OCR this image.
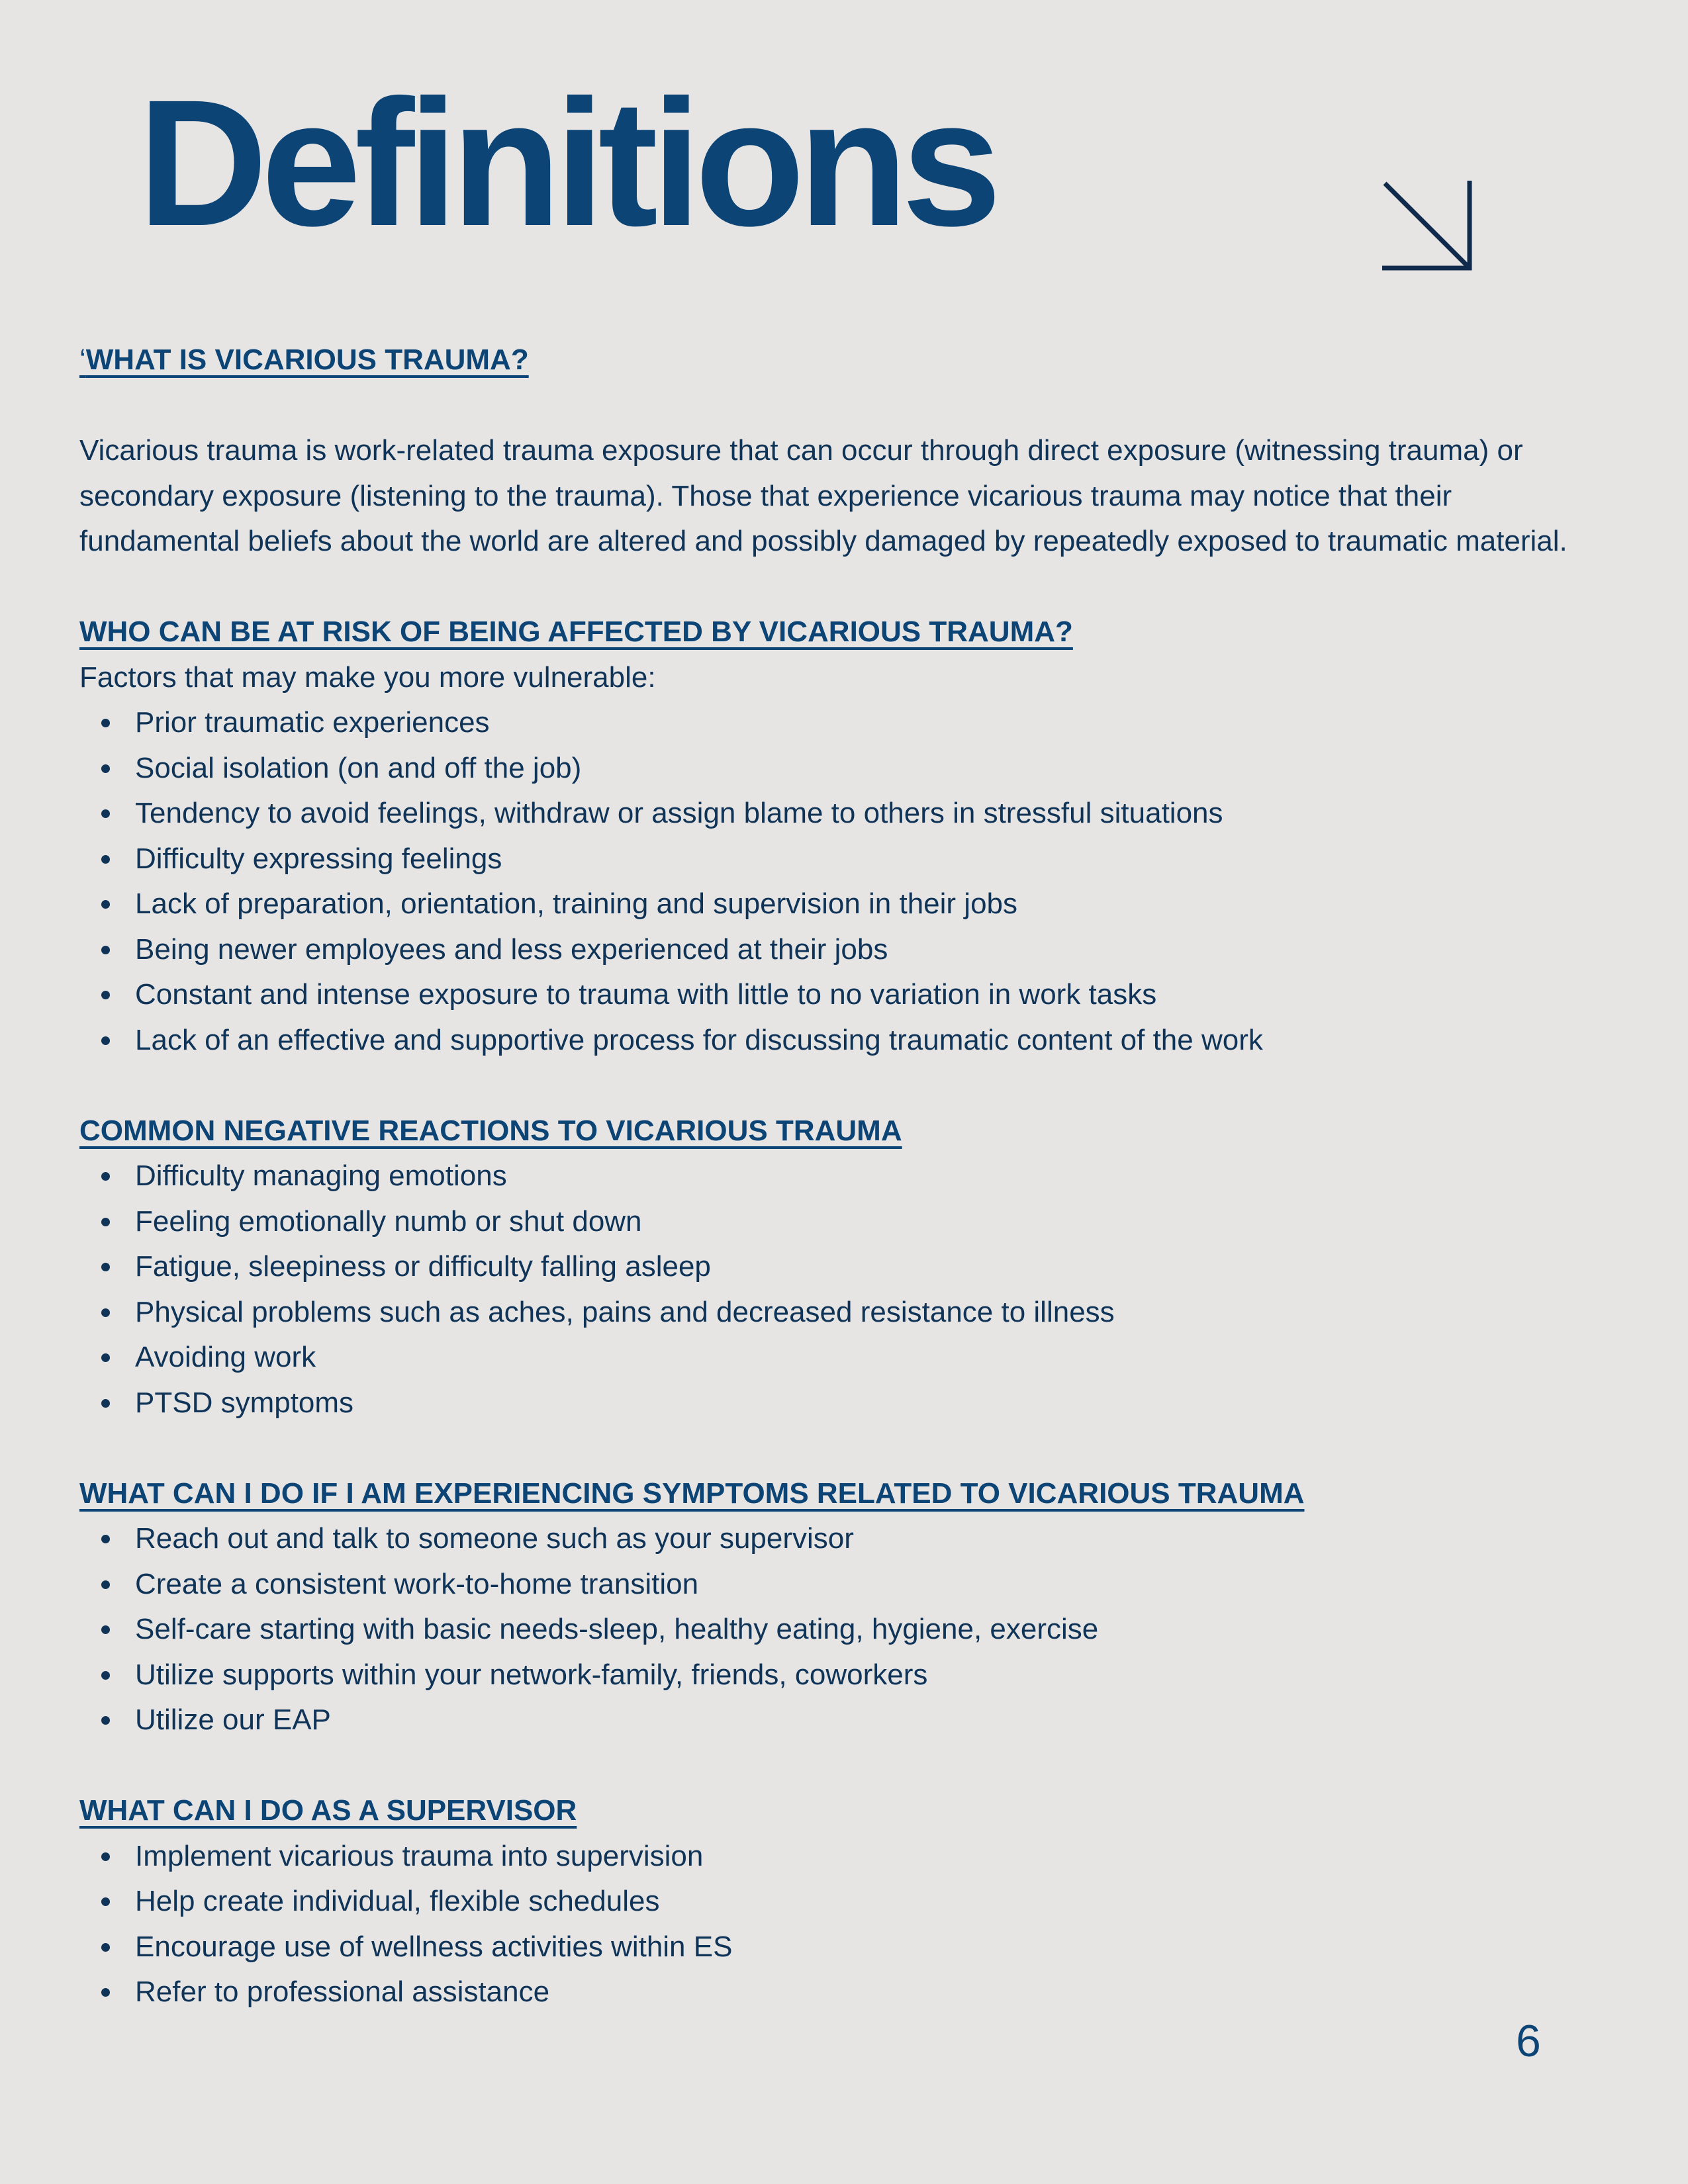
Definitions

‘WHAT IS VICARIOUS TRAUMA?

Vicarious trauma is work-related trauma exposure that can occur through direct exposure (witnessing trauma) or secondary exposure (listening to the trauma). Those that experience vicarious trauma may notice that their fundamental beliefs about the world are altered and possibly damaged by repeatedly exposed to traumatic material.

WHO CAN BE AT RISK OF BEING AFFECTED BY VICARIOUS TRAUMA?

Factors that may make you more vulnerable:

Prior traumatic experiences
Social isolation (on and off the job)
Tendency to avoid feelings, withdraw or assign blame to others in stressful situations
Difficulty expressing feelings
Lack of preparation, orientation, training and supervision in their jobs
Being newer employees and less experienced at their jobs
Constant and intense exposure to trauma with little to no variation in work tasks
Lack of an effective and supportive process for discussing traumatic content of the work

COMMON NEGATIVE REACTIONS TO VICARIOUS TRAUMA

Difficulty managing emotions
Feeling emotionally numb or shut down
Fatigue, sleepiness or difficulty falling asleep
Physical problems such as aches, pains and decreased resistance to illness
Avoiding work
PTSD symptoms

WHAT CAN I DO IF I AM EXPERIENCING SYMPTOMS RELATED TO VICARIOUS TRAUMA

Reach out and talk to someone such as your supervisor
Create a consistent work-to-home transition
Self-care starting with basic needs-sleep, healthy eating, hygiene, exercise
Utilize supports within your network-family, friends, coworkers
Utilize our EAP

WHAT CAN I DO AS A SUPERVISOR

Implement vicarious trauma into supervision
Help create individual, flexible schedules
Encourage use of wellness activities within ES
Refer to professional assistance
6
